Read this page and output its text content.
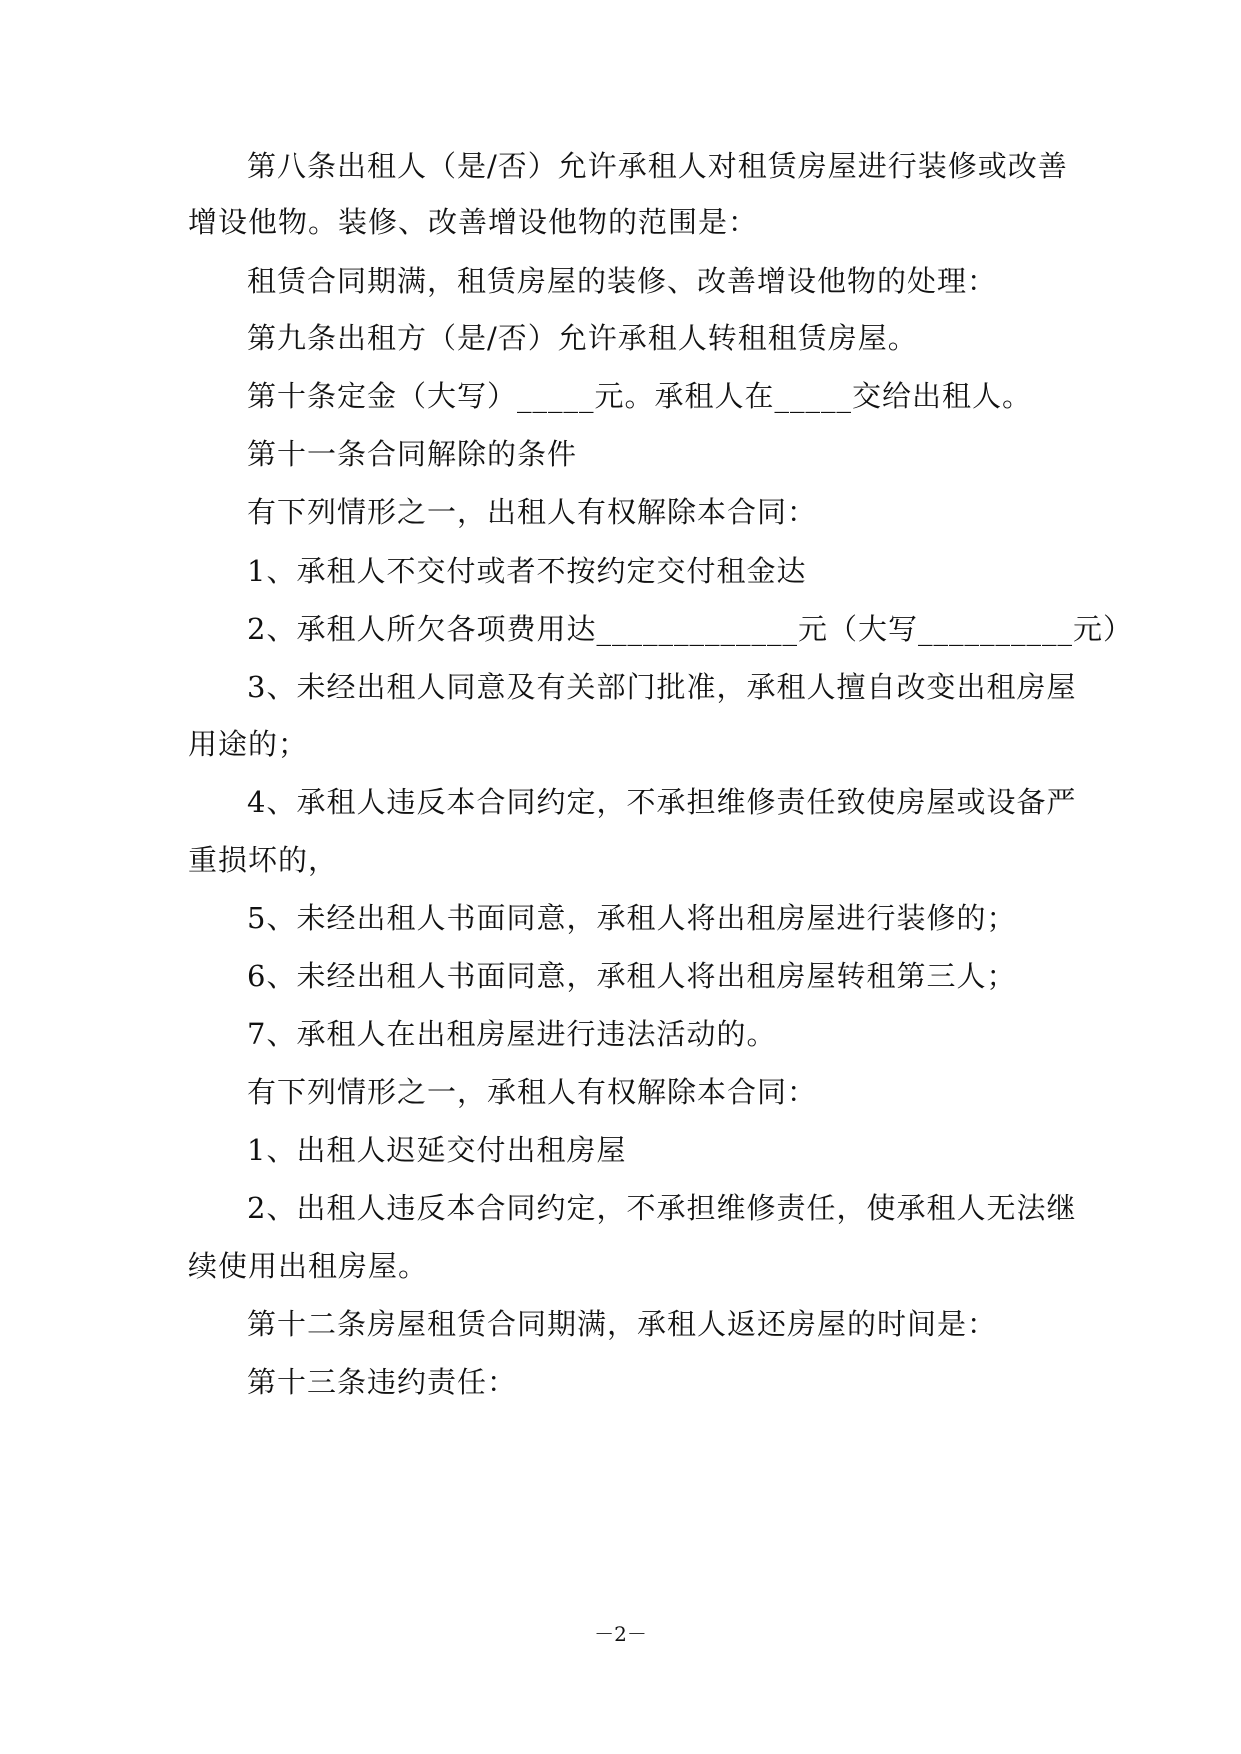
第八条出租人（是/否）允许承租人对租赁房屋进行装修或改善
增设他物。装修、改善增设他物的范围是：
租赁合同期满，租赁房屋的装修、改善增设他物的处理：
第九条出租方（是/否）允许承租人转租租赁房屋。
第十条定金（大写）_____元。承租人在_____交给出租人。
第十一条合同解除的条件
有下列情形之一，出租人有权解除本合同：
1、承租人不交付或者不按约定交付租金达
2、承租人所欠各项费用达_____________元（大写__________元）
3、未经出租人同意及有关部门批准，承租人擅自改变出租房屋
用途的；
4、承租人违反本合同约定，不承担维修责任致使房屋或设备严
重损坏的，
5、未经出租人书面同意，承租人将出租房屋进行装修的；
6、未经出租人书面同意，承租人将出租房屋转租第三人；
7、承租人在出租房屋进行违法活动的。
有下列情形之一，承租人有权解除本合同：
1、出租人迟延交付出租房屋
2、出租人违反本合同约定，不承担维修责任，使承租人无法继
续使用出租房屋。
第十二条房屋租赁合同期满，承租人返还房屋的时间是：
第十三条违约责任：
－2－
